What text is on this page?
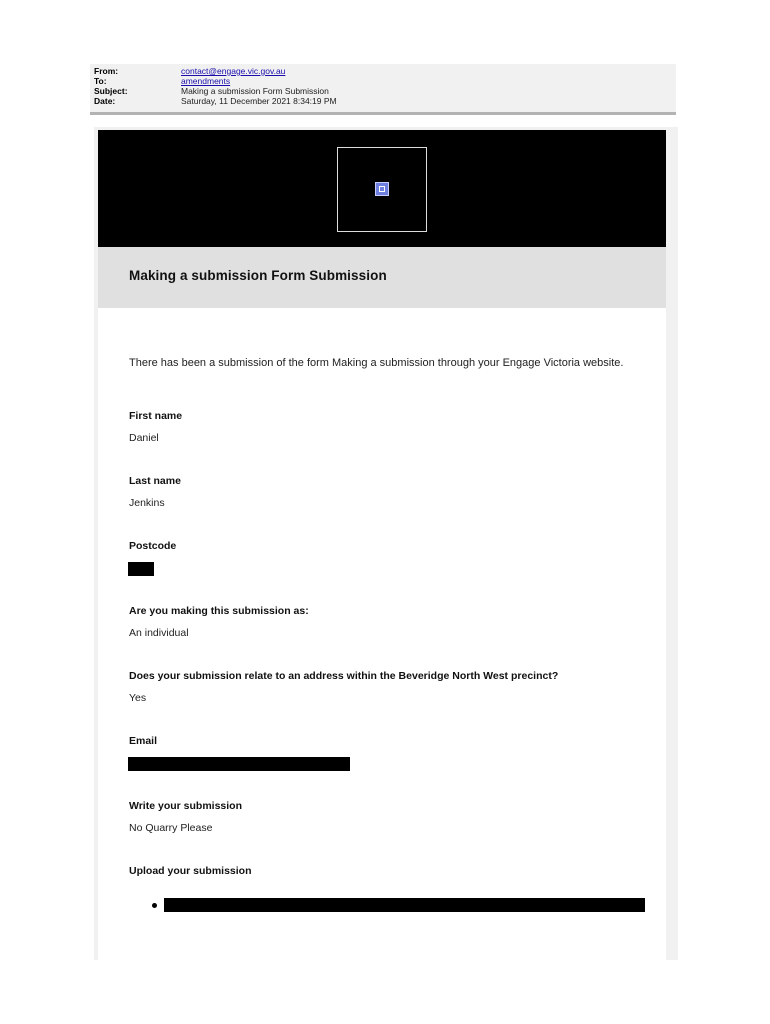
From:	contact@engage.vic.gov.au
To:	amendments
Subject:	Making a submission Form Submission
Date:	Saturday, 11 December 2021 8:34:19 PM
Making a submission Form Submission
There has been a submission of the form Making a submission through your Engage Victoria website.
First name
Daniel
Last name
Jenkins
Postcode
Are you making this submission as:
An individual
Does your submission relate to an address within the Beveridge North West precinct?
Yes
Email
Write your submission
No Quarry Please
Upload your submission
